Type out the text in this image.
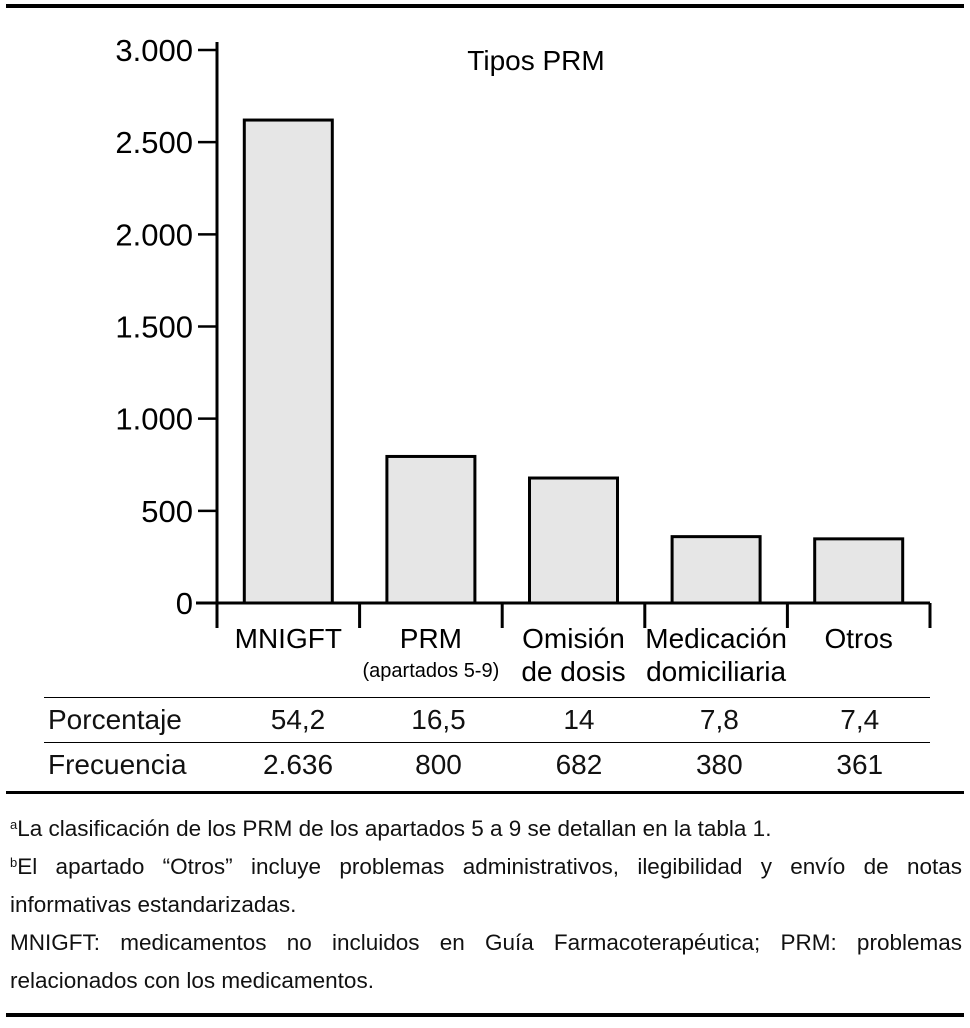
0
500
1.000
1.500
2.000
2.500
3.000	Tipos PRM
MNIGFT PRM
(apartados 5-9)
Omisión
de dosis
Medicación
domiciliaria
Otros
Porcentaje	54,2	16,5	14	7,8	7,4
Frecuencia	2.636	800	682	380	361

$^a$La clasificación de los PRM de los apartados 5 a 9 se detallan en la tabla 1.

$^b$El apartado “Otros” incluye problemas administrativos, ilegibilidad y envío de notas informativas estandarizadas.

MNIGFT: medicamentos no incluidos en Guía Farmacoterapéutica; PRM: problemas relacionados con los medicamentos.
